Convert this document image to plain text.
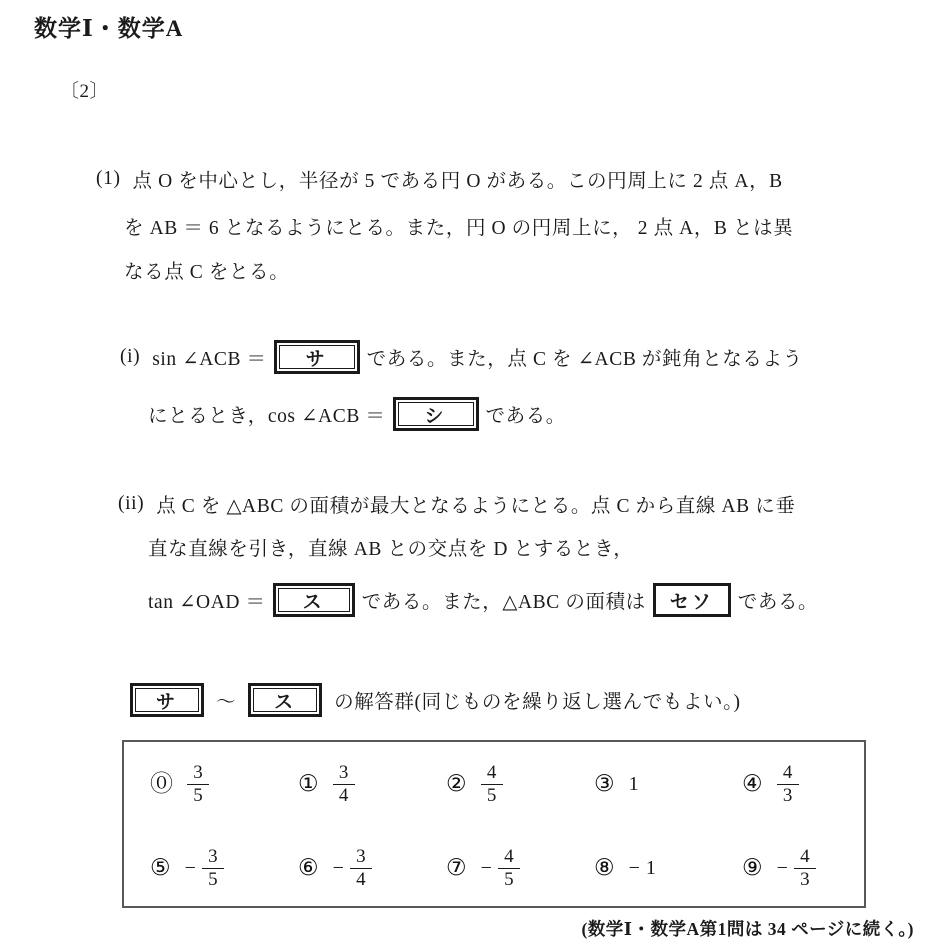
数学Ⅰ・数学A
〔2〕
(1) 点 O を中心とし，半径が 5 である円 O がある。この円周上に 2 点 A，B
を AB ＝ 6 となるようにとる。また，円 O の円周上に， 2 点 A，B とは異
なる点 C をとる。
(i) sin ∠ACB ＝	サ	である。また，点 C を ∠ACB が鈍角となるよう
にとるとき，cos ∠ACB ＝	シ	である。
(ii) 点 C を △ABC の面積が最大となるようにとる。点 C から直線 AB に垂
直な直線を引き，直線 AB との交点を D とするとき，
tan ∠OAD ＝	ス	である。また，△ABC の面積は	セソ	である。
サ	〜	ス	の解答群(同じものを繰り返し選んでもよい。)
⓪ $\frac{3}{5}$	① $\frac{3}{4}$	② $\frac{4}{5}$	③ 1	④ $\frac{4}{3}$
⑤ − $\frac{3}{5}$	⑥ − $\frac{3}{4}$	⑦ − $\frac{4}{5}$	⑧ − 1	⑨ − $\frac{4}{3}$
(数学Ⅰ・数学A第1問は 34 ページに続く。)
